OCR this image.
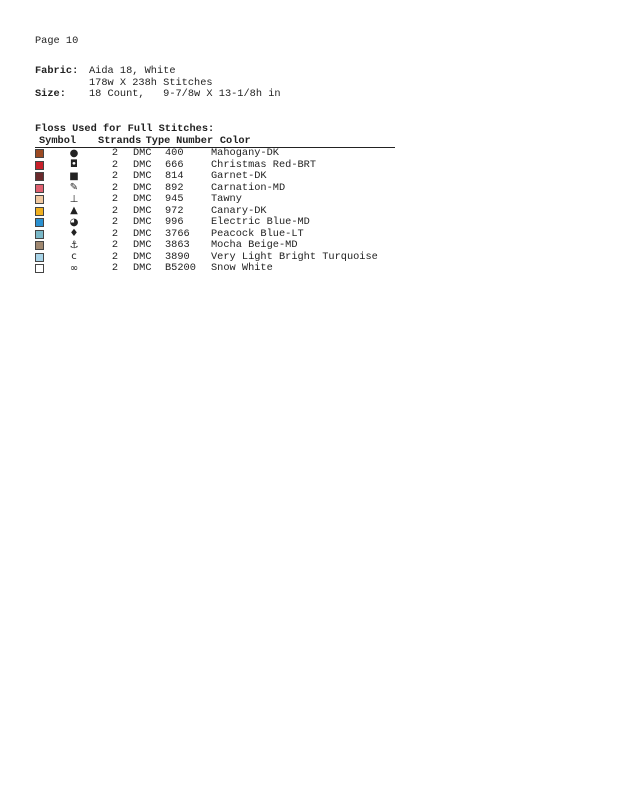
Page 10
Fabric:	Aida 18, White
178w X 238h Stitches
Size:	18 Count,   9-7/8w X 13-1/8h in
Floss Used for Full Stitches:
Symbol	Strands Type Number Color
●	2	DMC	400	Mahogany-DK
◘	2	DMC	666	Christmas Red-BRT
■	2	DMC	814	Garnet-DK
✎	2	DMC	892	Carnation-MD
⊥	2	DMC	945	Tawny
▲	2	DMC	972	Canary-DK
◕	2	DMC	996	Electric Blue-MD
♦	2	DMC	3766	Peacock Blue-LT
⚓	2	DMC	3863	Mocha Beige-MD
c	2	DMC	3890	Very Light Bright Turquoise
∞	2	DMC	B5200	Snow White
